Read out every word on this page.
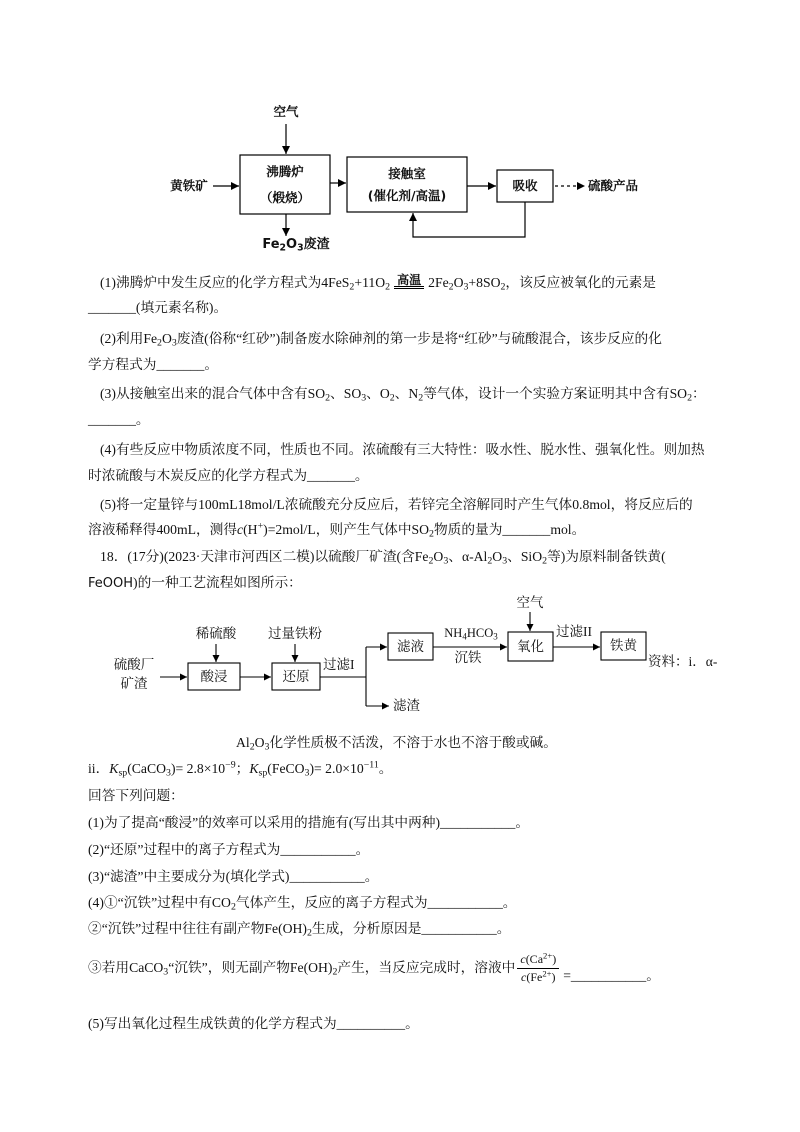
空气
黄铁矿
沸腾炉
（煅烧）
接触室
(催化剂/高温)
吸收	硫酸产品
$Fe_2O_3$废渣
(1)沸腾炉中发生反应的化学方程式为$4FeS_2+11O_2$ 高温 $2Fe_2O_3+8SO_2$，该反应被氧化的元素是
_______(填元素名称)。
(2)利用$Fe_2O_3$废渣(俗称“红砂”)制备废水除砷剂的第一步是将“红砂”与硫酸混合，该步反应的化
学方程式为_______。
(3)从接触室出来的混合气体中含有$SO_2$、$SO_3$、$O_2$、$N_2$等气体，设计一个实验方案证明其中含有$SO_2$：
_______。
(4)有些反应中物质浓度不同，性质也不同。浓硫酸有三大特性：吸水性、脱水性、强氧化性。则加热
时浓硫酸与木炭反应的化学方程式为_______。
(5)将一定量锌与100mL18mol/L浓硫酸充分反应后，若锌完全溶解同时产生气体0.8mol，将反应后的
溶液稀释得400mL，测得c(H+)=2mol/L，则产生气体中$SO_2$物质的量为_______mol。
18．(17分)(2023·天津市河西区二模)以硫酸厂矿渣(含$Fe_2O_3$、$\alpha-Al_2O_3$、SiO$_2$等)为原料制备铁黄(
FeOOH)的一种工艺流程如图所示：
空气
稀硫酸 过量铁粉
硫酸厂
矿渣	酸浸	还原
过滤I
滤液
滤渣
$NH_4HCO_3$
沉铁
氧化
过滤II
铁黄
资料：i．α-
$Al_2O_3$化学性质极不活泼，不溶于水也不溶于酸或碱。
ii．$K_{sp}(CaCO_3)= 2.8\times 10^{-9}$；$K_{sp}(FeCO_3)= 2.0\times 10^{-11}$。
回答下列问题：
(1)为了提高“酸浸”的效率可以采用的措施有(写出其中两种)___________。
(2)“还原”过程中的离子方程式为___________。
(3)“滤渣”中主要成分为(填化学式)___________。
(4)①“沉铁”过程中有$CO_2$气体产生，反应的离子方程式为___________。
②“沉铁”过程中往往有副产物$Fe(OH)_2$生成，分析原因是___________。
③若用CaCO$_3$“沉铁”，则无副产物$Fe(OH)_2$产生，当反应完成时，溶液中 $\frac{c(Ca^{2+})}{c(Fe^{2+})}$ =___________。
(5)写出氧化过程生成铁黄的化学方程式为__________。
